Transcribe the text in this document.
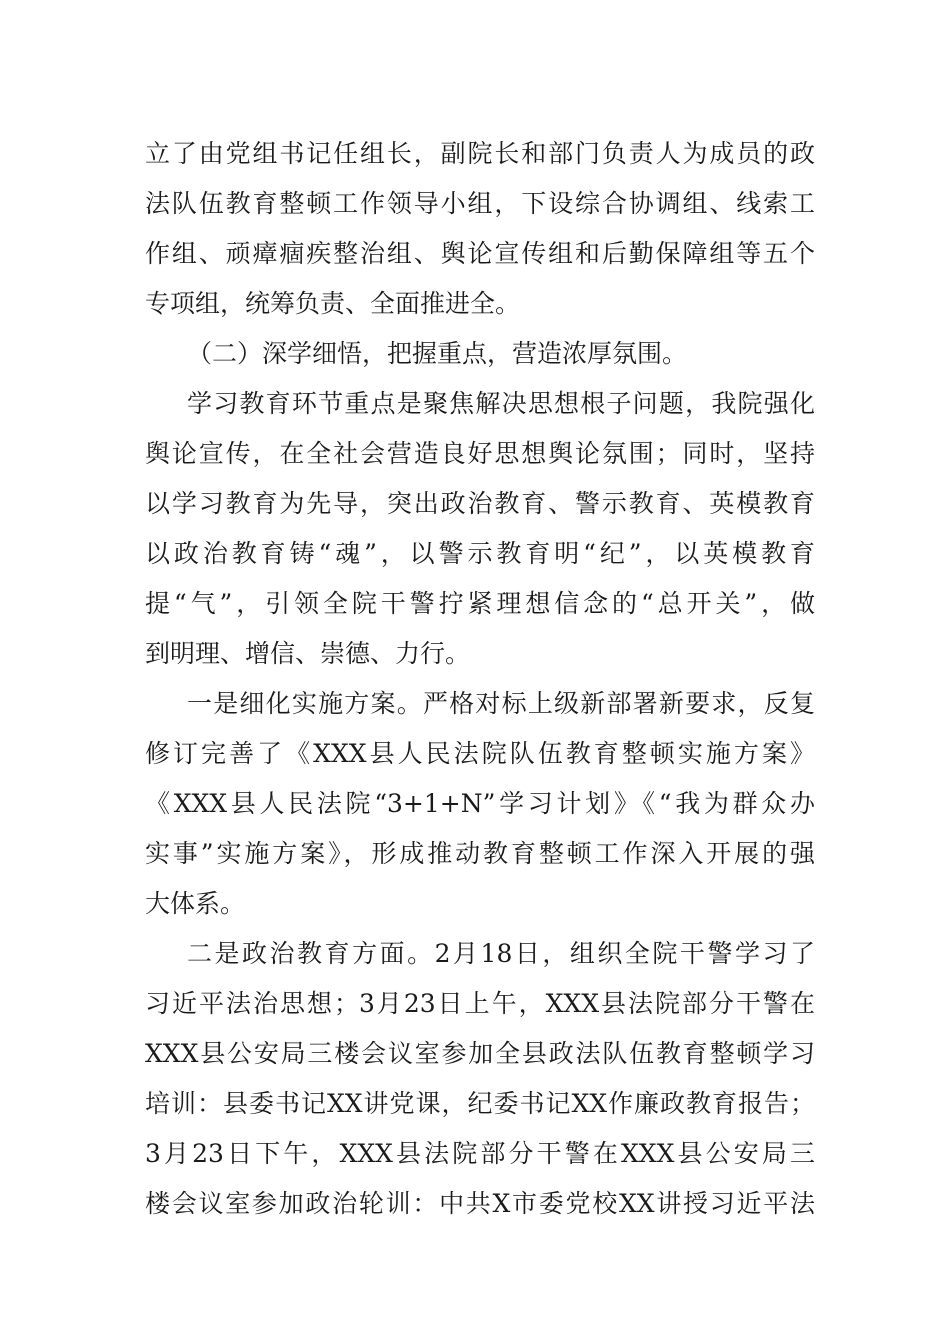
立了由党组书记任组长，副院长和部门负责人为成员的政
法队伍教育整顿工作领导小组，下设综合协调组、线索工
作组、顽瘴痼疾整治组、舆论宣传组和后勤保障组等五个
专项组，统筹负责、全面推进全。
（二）深学细悟，把握重点，营造浓厚氛围。
学习教育环节重点是聚焦解决思想根子问题，我院强化
舆论宣传，在全社会营造良好思想舆论氛围；同时，坚持
以学习教育为先导，突出政治教育、警示教育、英模教育
以政治教育铸“魂”，以警示教育明“纪”，以英模教育
提“气”，引领全院干警拧紧理想信念的“总开关”，做
到明理、增信、崇德、力行。
一是细化实施方案。严格对标上级新部署新要求，反复
修订完善了《XXX县人民法院队伍教育整顿实施方案》
《XXX县人民法院“3+1+N”学习计划》《“我为群众办
实事”实施方案》，形成推动教育整顿工作深入开展的强
大体系。
二是政治教育方面。2月18日，组织全院干警学习了
习近平法治思想；3月23日上午，XXX县法院部分干警在
XXX县公安局三楼会议室参加全县政法队伍教育整顿学习
培训：县委书记XX讲党课，纪委书记XX作廉政教育报告；
3月23日下午，XXX县法院部分干警在XXX县公安局三
楼会议室参加政治轮训：中共X市委党校XX讲授习近平法
